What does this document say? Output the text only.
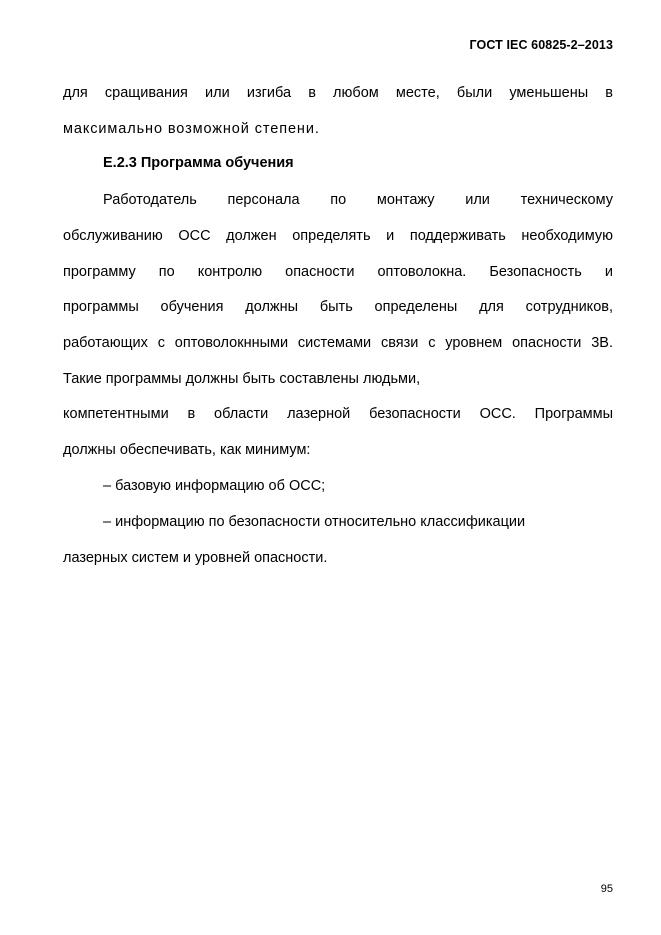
ГОСТ IEC 60825-2–2013
для сращивания или изгиба в любом месте, были уменьшены в
максимально возможной степени.
Е.2.3 Программа обучения
Работодатель персонала по монтажу или техническому
обслуживанию ОСС должен определять и поддерживать необходимую
программу по контролю опасности оптоволокна. Безопасность и
программы обучения должны быть определены для сотрудников,
работающих с оптоволокнными системами связи с уровнем опасности 3В.
Такие программы должны быть составлены людьми,
компетентными в области лазерной безопасности ОСС. Программы
должны обеспечивать, как минимум:
– базовую информацию об ОСС;
– информацию по безопасности относительно классификации
лазерных систем и уровней опасности.
95
